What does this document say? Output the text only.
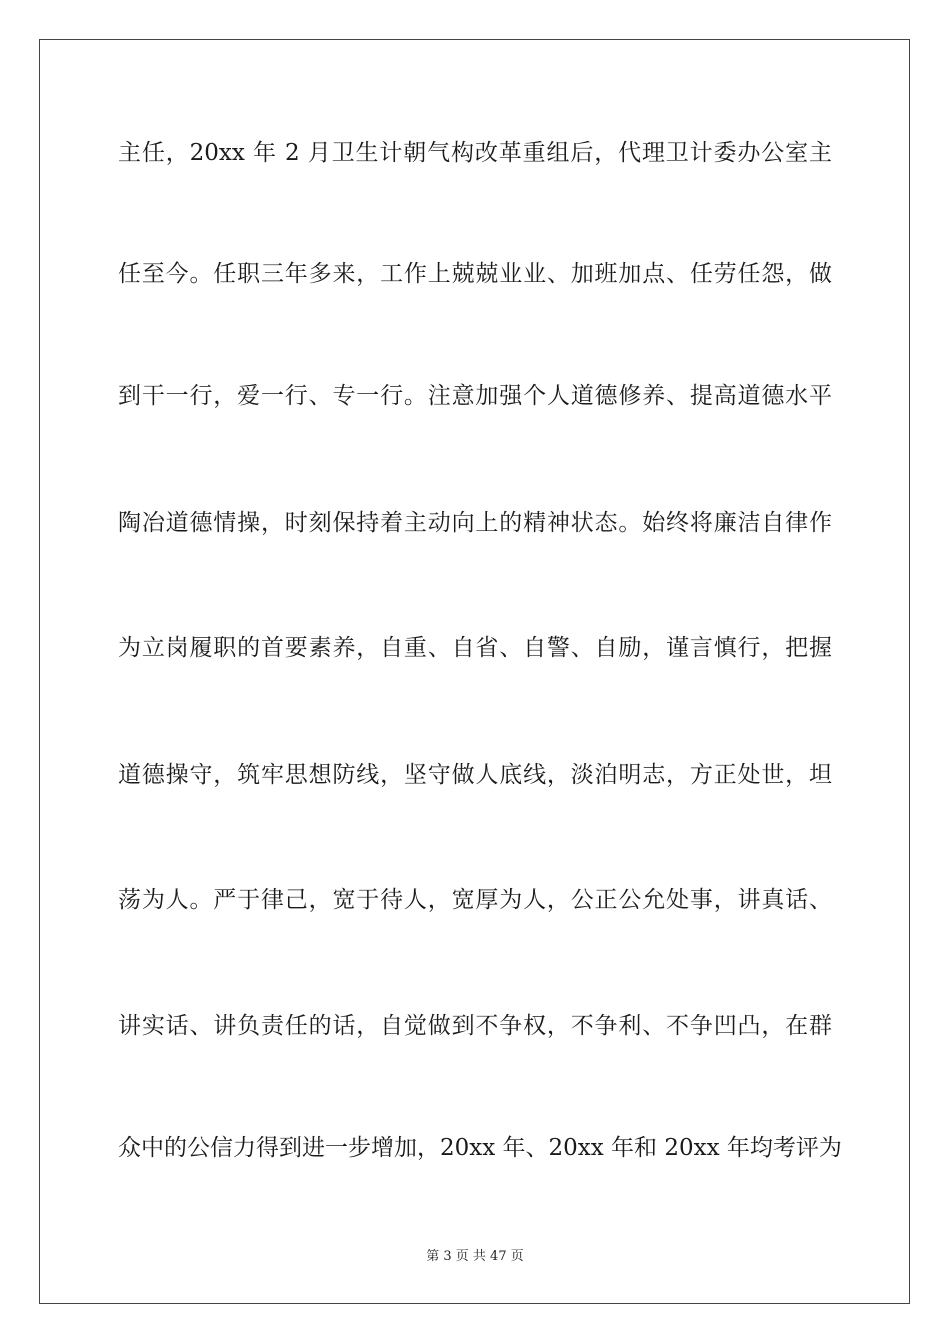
主任，20xx 年 2 月卫生计朝气构改革重组后，代理卫计委办公室主
任至今。任职三年多来，工作上兢兢业业、加班加点、任劳任怨，做
到干一行，爱一行、专一行。注意加强个人道德修养、提高道德水平
陶冶道德情操，时刻保持着主动向上的精神状态。始终将廉洁自律作
为立岗履职的首要素养，自重、自省、自警、自励，谨言慎行，把握
道德操守，筑牢思想防线，坚守做人底线，淡泊明志，方正处世，坦
荡为人。严于律己，宽于待人，宽厚为人，公正公允处事，讲真话、
讲实话、讲负责任的话，自觉做到不争权，不争利、不争凹凸，在群
众中的公信力得到进一步增加，20xx 年、20xx 年和 20xx 年均考评为
第 3 页 共 47 页
